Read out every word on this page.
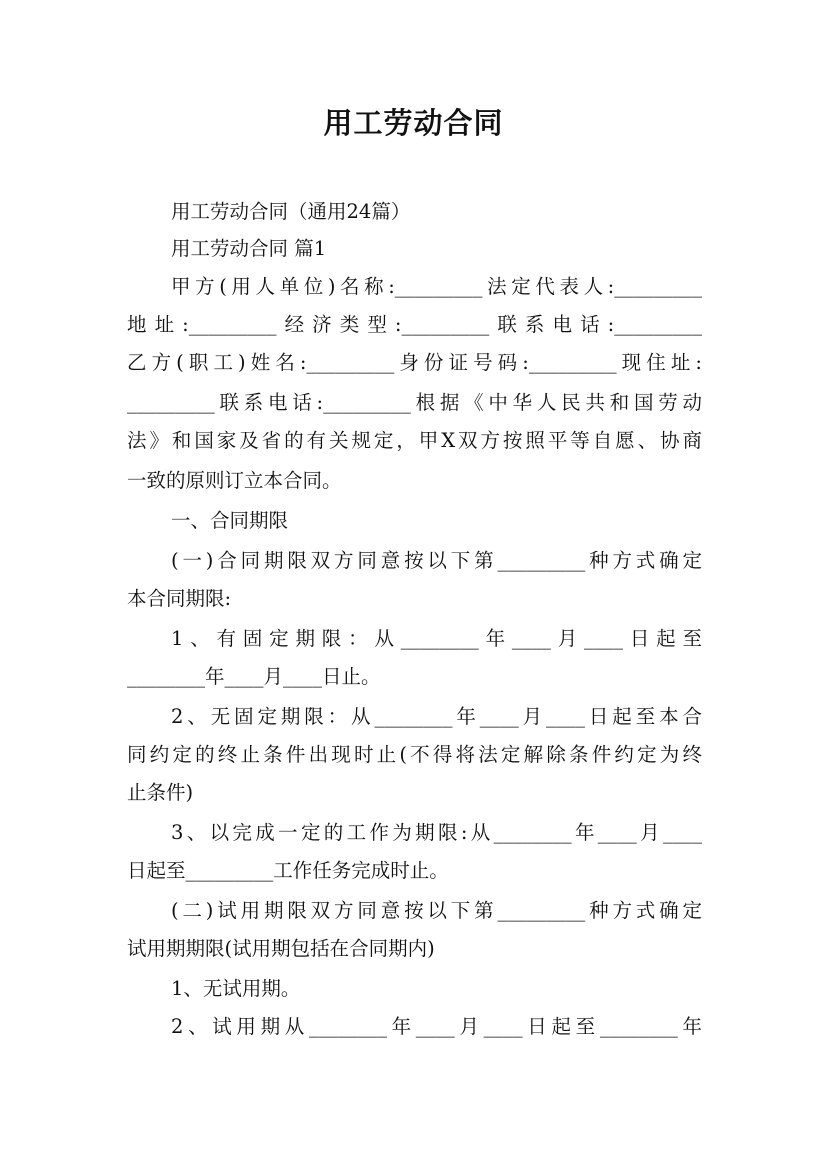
用工劳动合同
用工劳动合同（通用24篇）
用工劳动合同 篇1
甲方(用人单位)名称:_________法定代表人:_________
地址:_________经济类型:_________联系电话:_________
乙方(职工)姓名:_________身份证号码:_________现住址:
_________联系电话:_________根据《中华人民共和国劳动
法》和国家及省的有关规定，甲X双方按照平等自愿、协商
一致的原则订立本合同。
一、合同期限
(一)合同期限双方同意按以下第_________种方式确定
本合同期限:
1、有固定期限：从________年____月____日起至
________年____月____日止。
2、无固定期限：从________年____月____日起至本合
同约定的终止条件出现时止(不得将法定解除条件约定为终
止条件)
3、以完成一定的工作为期限:从________年____月____
日起至_________工作任务完成时止。
(二)试用期限双方同意按以下第_________种方式确定
试用期期限(试用期包括在合同期内)
1、无试用期。
2、试用期从________年____月____日起至________年
